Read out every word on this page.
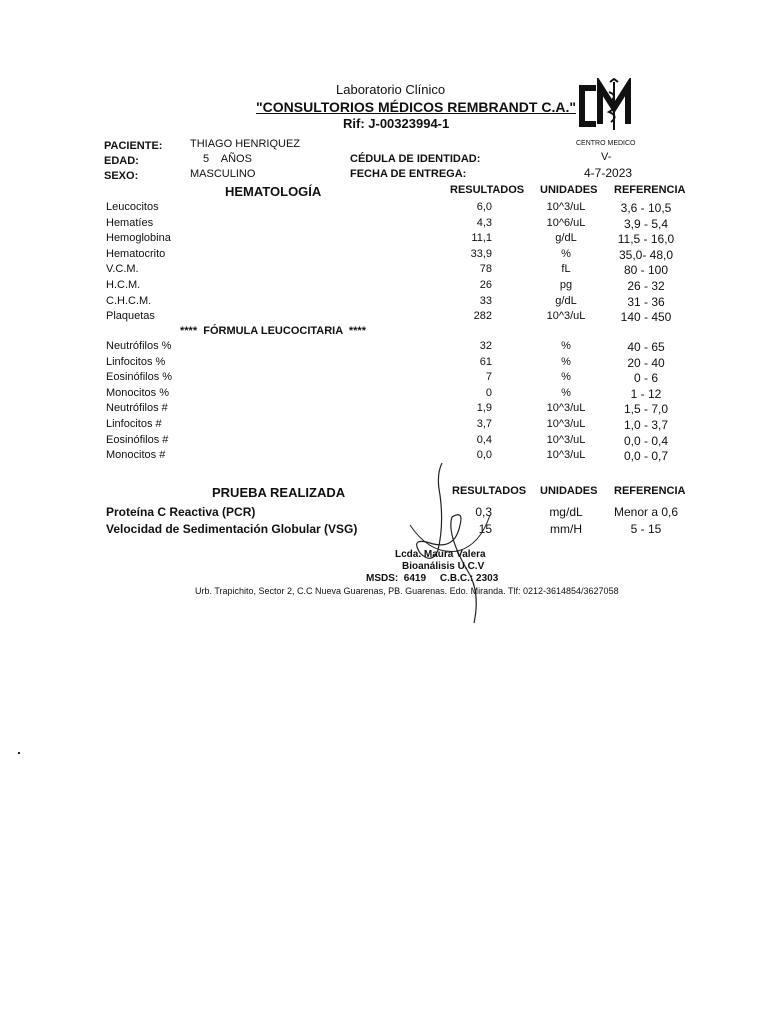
Laboratorio Clínico
"CONSULTORIOS MÉDICOS REMBRANDT C.A."
Rif: J-00323994-1
CENTRO MEDICO
PACIENTE:	THIAGO HENRIQUEZ
EDAD:	5    AÑOS
SEXO:	MASCULINO
CÉDULA DE IDENTIDAD:	V-
FECHA DE ENTREGA:	4-7-2023
HEMATOLOGÍA	RESULTADOS UNIDADES REFERENCIA
Leucocitos	6,0	10^3/uL	3,6 - 10,5
Hematíes	4,3	10^6/uL	3,9 - 5,4
Hemoglobina	11,1	g/dL	11,5 - 16,0
Hematocrito	33,9	%	35,0- 48,0
V.C.M.	78	fL	80 - 100
H.C.M.	26	pg	26 - 32
C.H.C.M.	33	g/dL	31 - 36
Plaquetas	282	10^3/uL	140 - 450
****  FÓRMULA LEUCOCITARIA  ****
Neutrófilos %	32	%	40 - 65
Linfocitos %	61	%	20 - 40
Eosinófilos %	7	%	0 - 6
Monocitos %	0	%	1 - 12
Neutrófilos #	1,9	10^3/uL	1,5 - 7,0
Linfocitos #	3,7	10^3/uL	1,0 - 3,7
Eosinófilos #	0,4	10^3/uL	0,0 - 0,4
Monocitos #	0,0	10^3/uL	0,0 - 0,7
PRUEBA REALIZADA	RESULTADOS UNIDADES REFERENCIA
Proteína C Reactiva (PCR)	0,3	mg/dL	Menor a 0,6
Velocidad de Sedimentación Globular (VSG)	15	mm/H	5 - 15
Lcda. Maura Valera
Bioanálisis U.C.V
MSDS:  6419     C.B.C.: 2303
Urb. Trapichito, Sector 2, C.C Nueva Guarenas, PB. Guarenas. Edo. Miranda. Tlf: 0212-3614854/3627058
